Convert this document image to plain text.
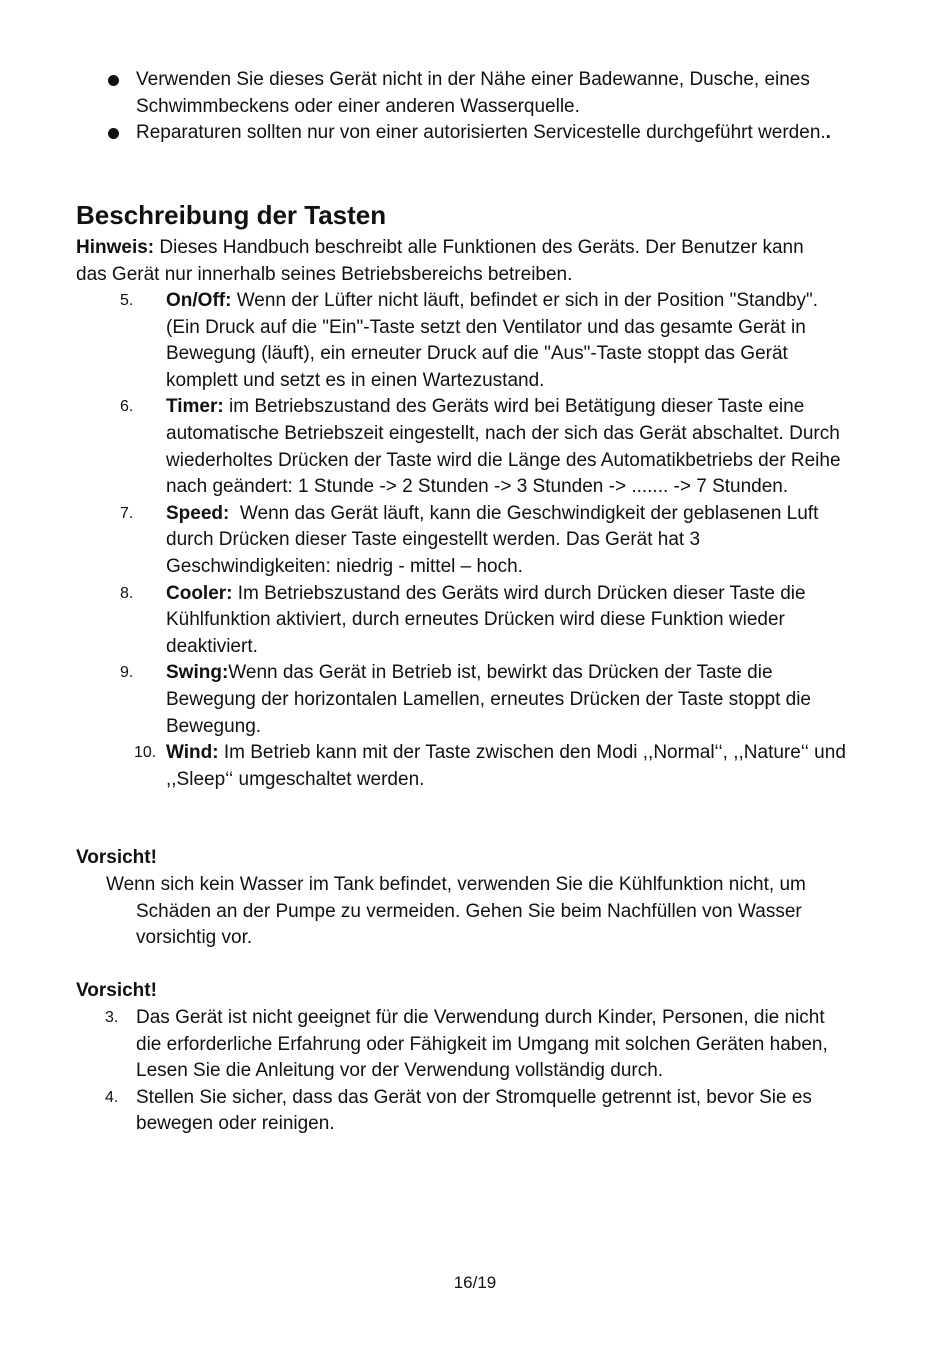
Verwenden Sie dieses Gerät nicht in der Nähe einer Badewanne, Dusche, eines Schwimmbeckens oder einer anderen Wasserquelle.
Reparaturen sollten nur von einer autorisierten Servicestelle durchgeführt werden..
Beschreibung der Tasten

Hinweis: Dieses Handbuch beschreibt alle Funktionen des Geräts. Der Benutzer kann das Gerät nur innerhalb seines Betriebsbereichs betreiben.

5.	On/Off: Wenn der Lüfter nicht läuft, befindet er sich in der Position "Standby". (Ein Druck auf die "Ein"-Taste setzt den Ventilator und das gesamte Gerät in Bewegung (läuft), ein erneuter Druck auf die "Aus"-Taste stoppt das Gerät komplett und setzt es in einen Wartezustand.
6.	Timer: im Betriebszustand des Geräts wird bei Betätigung dieser Taste eine automatische Betriebszeit eingestellt, nach der sich das Gerät abschaltet. Durch wiederholtes Drücken der Taste wird die Länge des Automatikbetriebs der Reihe nach geändert: 1 Stunde -> 2 Stunden -> 3 Stunden -> ....... -> 7 Stunden.
7.	Speed:  Wenn das Gerät läuft, kann die Geschwindigkeit der geblasenen Luft durch Drücken dieser Taste eingestellt werden. Das Gerät hat 3 Geschwindigkeiten: niedrig - mittel – hoch.
8.	Cooler: Im Betriebszustand des Geräts wird durch Drücken dieser Taste die Kühlfunktion aktiviert, durch erneutes Drücken wird diese Funktion wieder deaktiviert.
9.	Swing:Wenn das Gerät in Betrieb ist, bewirkt das Drücken der Taste die Bewegung der horizontalen Lamellen, erneutes Drücken der Taste stoppt die Bewegung.
10. Wind: Im Betrieb kann mit der Taste zwischen den Modi ,,Normal‘‘, ,,Nature‘‘ und ,,Sleep‘‘ umgeschaltet werden.

Vorsicht!

Wenn sich kein Wasser im Tank befindet, verwenden Sie die Kühlfunktion nicht, um Schäden an der Pumpe zu vermeiden. Gehen Sie beim Nachfüllen von Wasser vorsichtig vor.

Vorsicht!

3. Das Gerät ist nicht geeignet für die Verwendung durch Kinder, Personen, die nicht die erforderliche Erfahrung oder Fähigkeit im Umgang mit solchen Geräten haben, Lesen Sie die Anleitung vor der Verwendung vollständig durch.
4. Stellen Sie sicher, dass das Gerät von der Stromquelle getrennt ist, bevor Sie es bewegen oder reinigen.
16/19
